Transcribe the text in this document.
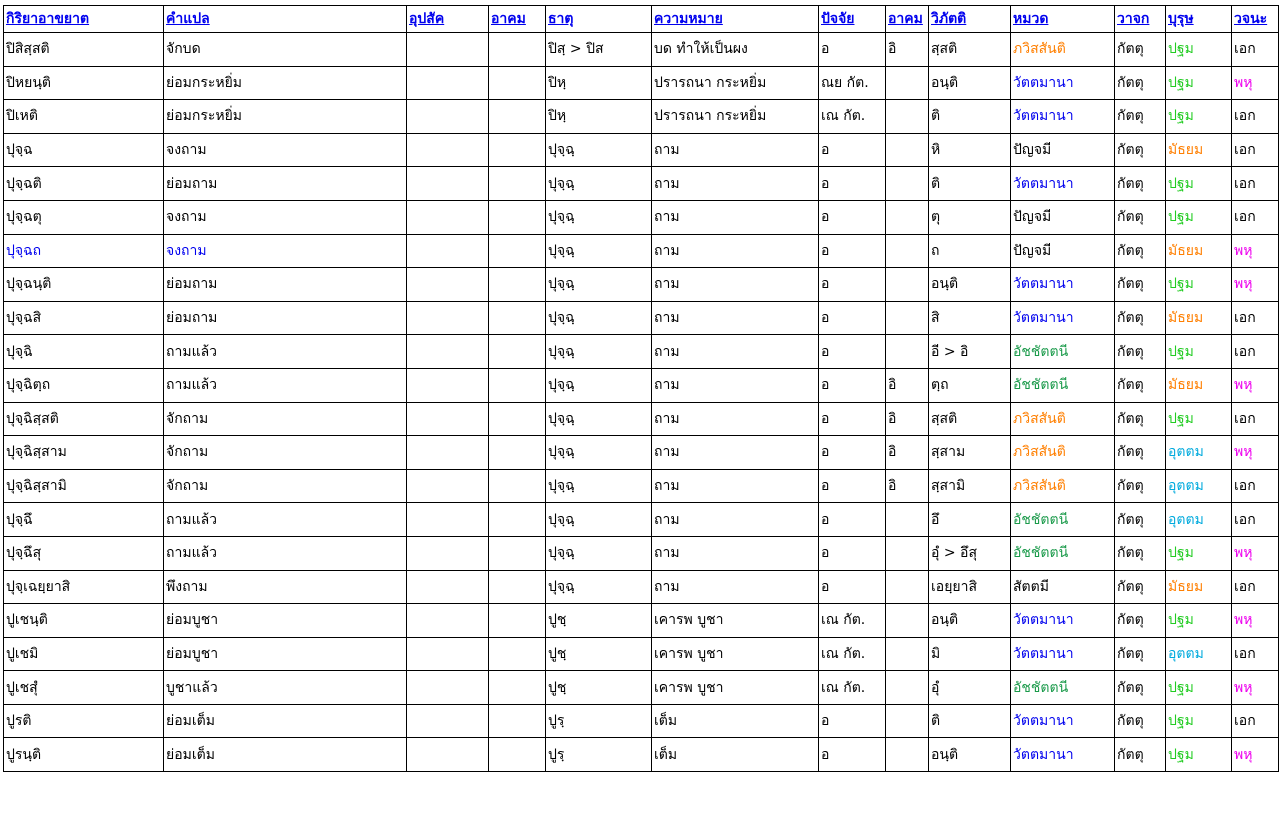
กิริยาอาขยาต	คำแปล	อุปสัค	อาคม	ธาตุ	ความหมาย	ปัจจัย	อาคม	วิภัตติ	หมวด	วาจก	บุรุษ	วจนะ
ปิสิสฺสติ	จักบด			ปิสฺ > ปิส	บด ทำให้เป็นผง	อ	อิ	สฺสติ	ภวิสสันติ	กัตตุ	ปฐม	เอก
ปิหยนฺติ	ย่อมกระหยิ่ม			ปิหฺ	ปรารถนา กระหยิ่ม	ณย กัต.		อนฺติ	วัตตมานา	กัตตุ	ปฐม	พหุ
ปิเหติ	ย่อมกระหยิ่ม			ปิหฺ	ปรารถนา กระหยิ่ม	เณ กัต.		ติ	วัตตมานา	กัตตุ	ปฐม	เอก
ปุจฺฉ	จงถาม			ปุจฺฉฺ	ถาม	อ		หิ	ปัญจมี	กัตตุ	มัธยม	เอก
ปุจฺฉติ	ย่อมถาม			ปุจฺฉฺ	ถาม	อ		ติ	วัตตมานา	กัตตุ	ปฐม	เอก
ปุจฺฉตุ	จงถาม			ปุจฺฉฺ	ถาม	อ		ตุ	ปัญจมี	กัตตุ	ปฐม	เอก
ปุจฺฉถ	จงถาม			ปุจฺฉฺ	ถาม	อ		ถ	ปัญจมี	กัตตุ	มัธยม	พหุ
ปุจฺฉนฺติ	ย่อมถาม			ปุจฺฉฺ	ถาม	อ		อนฺติ	วัตตมานา	กัตตุ	ปฐม	พหุ
ปุจฺฉสิ	ย่อมถาม			ปุจฺฉฺ	ถาม	อ		สิ	วัตตมานา	กัตตุ	มัธยม	เอก
ปุจฺฉิ	ถามแล้ว			ปุจฺฉฺ	ถาม	อ		อี > อิ	อัชชัตตนี	กัตตุ	ปฐม	เอก
ปุจฺฉิตฺถ	ถามแล้ว			ปุจฺฉฺ	ถาม	อ	อิ	ตฺถ	อัชชัตตนี	กัตตุ	มัธยม	พหุ
ปุจฺฉิสฺสติ	จักถาม			ปุจฺฉฺ	ถาม	อ	อิ	สฺสติ	ภวิสสันติ	กัตตุ	ปฐม	เอก
ปุจฺฉิสฺสาม	จักถาม			ปุจฺฉฺ	ถาม	อ	อิ	สฺสาม	ภวิสสันติ	กัตตุ	อุตตม	พหุ
ปุจฺฉิสฺสามิ	จักถาม			ปุจฺฉฺ	ถาม	อ	อิ	สฺสามิ	ภวิสสันติ	กัตตุ	อุตตม	เอก
ปุจฺฉึ	ถามแล้ว			ปุจฺฉฺ	ถาม	อ		อึ	อัชชัตตนี	กัตตุ	อุตตม	เอก
ปุจฺฉึสุ	ถามแล้ว			ปุจฺฉฺ	ถาม	อ		อุํ > อึสุ	อัชชัตตนี	กัตตุ	ปฐม	พหุ
ปุจฺเฉยฺยาสิ	พึงถาม			ปุจฺฉฺ	ถาม	อ		เอยฺยาสิ	สัตตมี	กัตตุ	มัธยม	เอก
ปูเชนฺติ	ย่อมบูชา			ปูชฺ	เคารพ บูชา	เณ กัต.		อนฺติ	วัตตมานา	กัตตุ	ปฐม	พหุ
ปูเชมิ	ย่อมบูชา			ปูชฺ	เคารพ บูชา	เณ กัต.		มิ	วัตตมานา	กัตตุ	อุตตม	เอก
ปูเชสุํ	บูชาแล้ว			ปูชฺ	เคารพ บูชา	เณ กัต.		อุํ	อัชชัตตนี	กัตตุ	ปฐม	พหุ
ปูรติ	ย่อมเต็ม			ปูรฺ	เต็ม	อ		ติ	วัตตมานา	กัตตุ	ปฐม	เอก
ปูรนฺติ	ย่อมเต็ม			ปูรฺ	เต็ม	อ		อนฺติ	วัตตมานา	กัตตุ	ปฐม	พหุ
